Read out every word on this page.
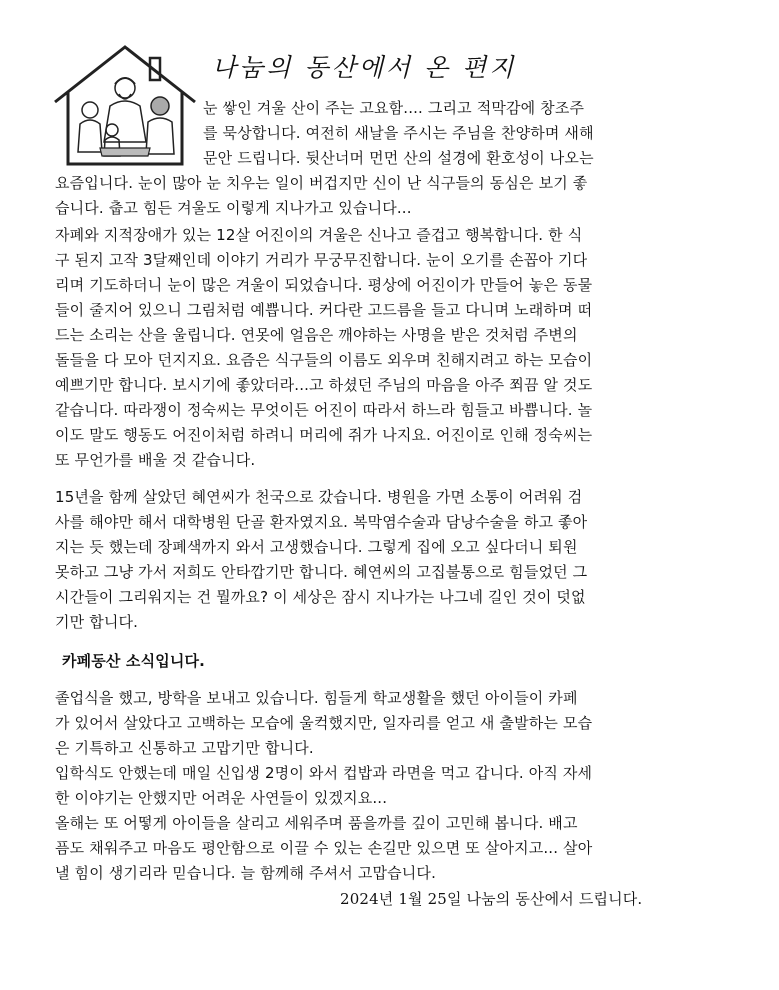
나눔의 동산에서 온 편지
눈 쌓인 겨울 산이 주는 고요함.... 그리고 적막감에 창조주
를 묵상합니다. 여전히 새날을 주시는 주님을 찬양하며 새해
문안 드립니다. 뒷산너머 먼먼 산의 설경에 환호성이 나오는
요즘입니다. 눈이 많아 눈 치우는 일이 버겁지만 신이 난 식구들의 동심은 보기 좋
습니다. 춥고 힘든 겨울도 이렇게 지나가고 있습니다...
자폐와 지적장애가 있는 12살 어진이의 겨울은 신나고 즐겁고 행복합니다. 한 식
구 된지 고작 3달째인데 이야기 거리가 무궁무진합니다. 눈이 오기를 손꼽아 기다
리며 기도하더니 눈이 많은 겨울이 되었습니다. 평상에 어진이가 만들어 놓은 동물
들이 줄지어 있으니 그림처럼 예쁩니다. 커다란 고드름을 들고 다니며 노래하며 떠
드는 소리는 산을 울립니다. 연못에 얼음은 깨야하는 사명을 받은 것처럼 주변의
돌들을 다 모아 던지지요. 요즘은 식구들의 이름도 외우며 친해지려고 하는 모습이
예쁘기만 합니다. 보시기에 좋았더라...고 하셨던 주님의 마음을 아주 쬐끔 알 것도
같습니다. 따라쟁이 정숙씨는 무엇이든 어진이 따라서 하느라 힘들고 바쁩니다. 놀
이도 말도 행동도 어진이처럼 하려니 머리에 쥐가 나지요. 어진이로 인해 정숙씨는
또 무언가를 배울 것 같습니다.
15년을 함께 살았던 혜연씨가 천국으로 갔습니다. 병원을 가면 소통이 어려워 검
사를 해야만 해서 대학병원 단골 환자였지요. 복막염수술과 담낭수술을 하고 좋아
지는 듯 했는데 장폐색까지 와서 고생했습니다. 그렇게 집에 오고 싶다더니 퇴원
못하고 그냥 가서 저희도 안타깝기만 합니다. 혜연씨의 고집불통으로 힘들었던 그
시간들이 그리워지는 건 뭘까요? 이 세상은 잠시 지나가는 나그네 길인 것이 덧없
기만 합니다.
카페동산 소식입니다.
졸업식을 했고, 방학을 보내고 있습니다. 힘들게 학교생활을 했던 아이들이 카페
가 있어서 살았다고 고백하는 모습에 울컥했지만, 일자리를 얻고 새 출발하는 모습
은 기특하고 신통하고 고맙기만 합니다.
입학식도 안했는데 매일 신입생 2명이 와서 컵밥과 라면을 먹고 갑니다. 아직 자세
한 이야기는 안했지만 어려운 사연들이 있겠지요...
올해는 또 어떻게 아이들을 살리고 세워주며 품을까를 깊이 고민해 봅니다. 배고
픔도 채워주고 마음도 평안함으로 이끌 수 있는 손길만 있으면 또 살아지고... 살아
낼 힘이 생기리라 믿습니다. 늘 함께해 주셔서 고맙습니다.
2024년 1월 25일 나눔의 동산에서 드립니다.
